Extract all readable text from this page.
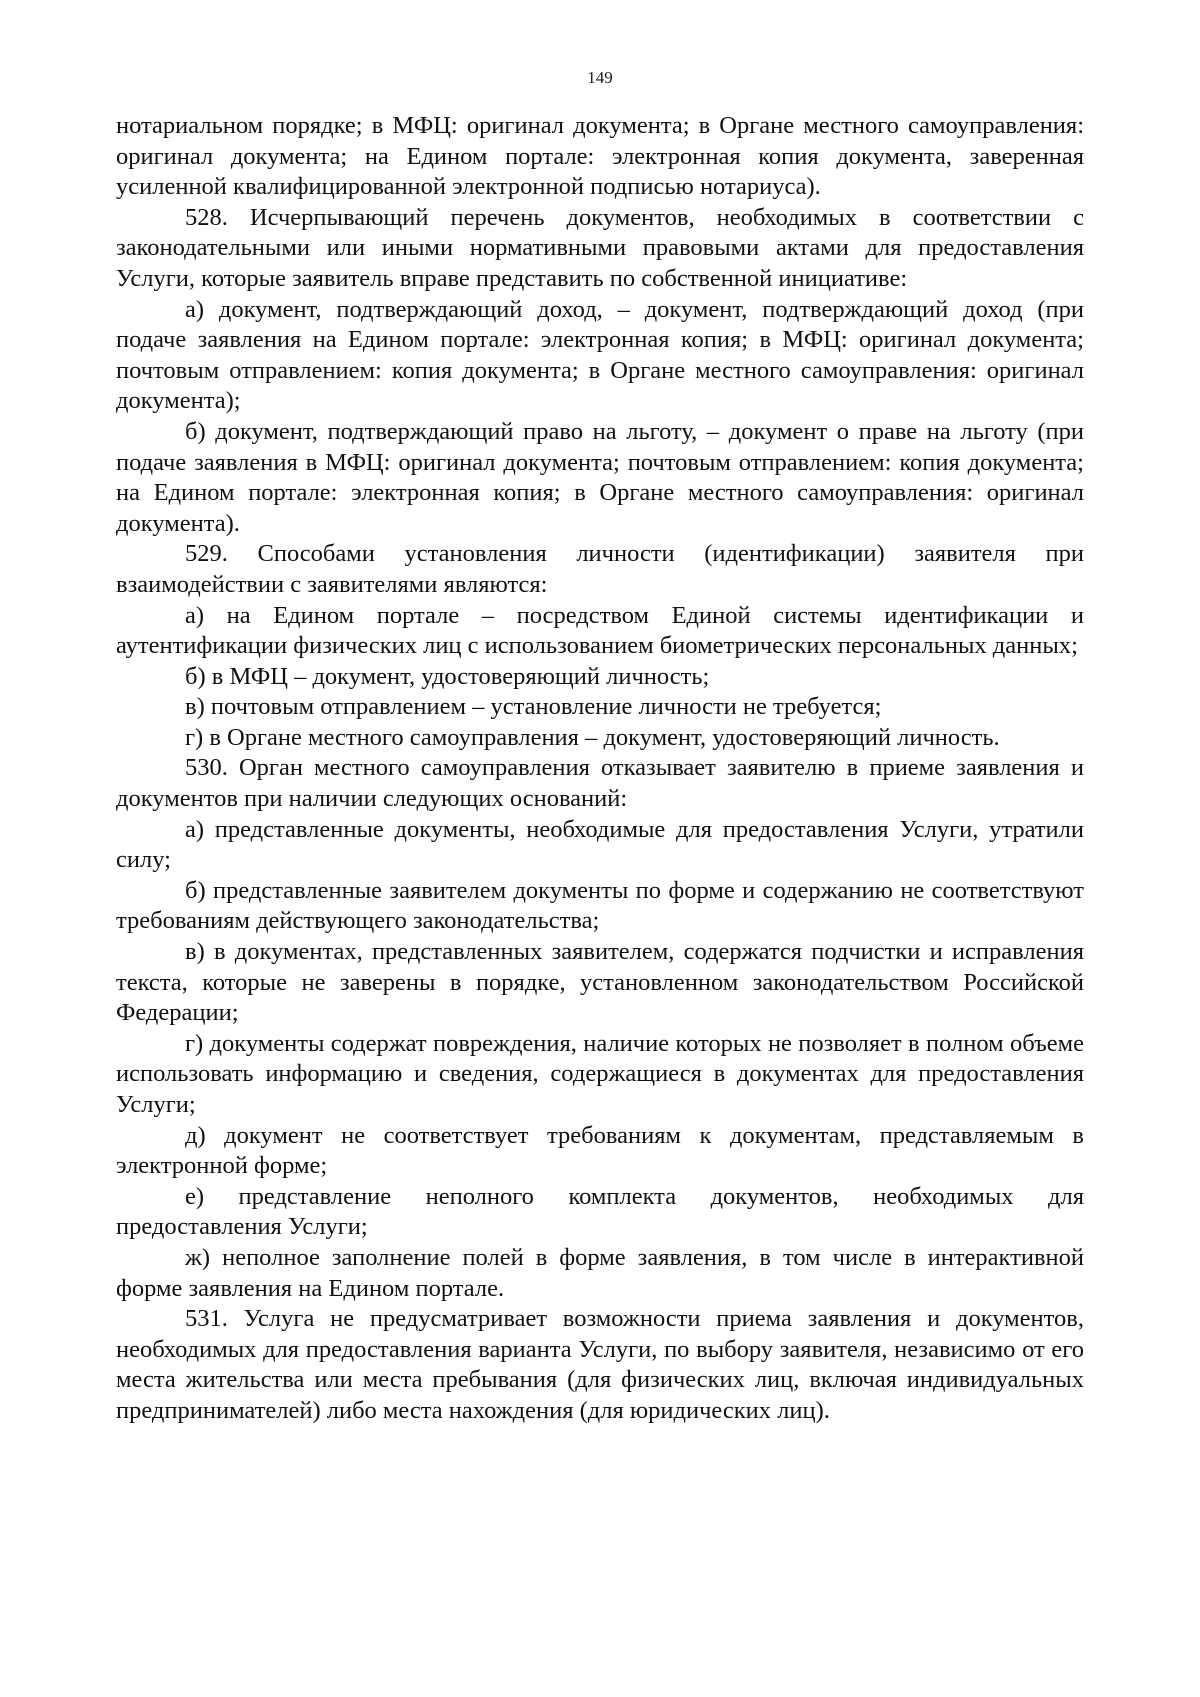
149

нотариальном порядке; в МФЦ: оригинал документа; в Органе местного самоуправления: оригинал документа; на Едином портале: электронная копия документа, заверенная усиленной квалифицированной электронной подписью нотариуса).

528. Исчерпывающий перечень документов, необходимых в соответствии с законодательными или иными нормативными правовыми актами для предоставления Услуги, которые заявитель вправе представить по собственной инициативе:

а) документ, подтверждающий доход, – документ, подтверждающий доход (при подаче заявления на Едином портале: электронная копия; в МФЦ: оригинал документа; почтовым отправлением: копия документа; в Органе местного самоуправления: оригинал документа);

б) документ, подтверждающий право на льготу, – документ о праве на льготу (при подаче заявления в МФЦ: оригинал документа; почтовым отправлением: копия документа; на Едином портале: электронная копия; в Органе местного самоуправления: оригинал документа).

529. Способами установления личности (идентификации) заявителя при взаимодействии с заявителями являются:

а) на Едином портале – посредством Единой системы идентификации и аутентификации физических лиц с использованием биометрических персональных данных;

б) в МФЦ – документ, удостоверяющий личность;

в) почтовым отправлением – установление личности не требуется;

г) в Органе местного самоуправления – документ, удостоверяющий личность.

530. Орган местного самоуправления отказывает заявителю в приеме заявления и документов при наличии следующих оснований:

а) представленные документы, необходимые для предоставления Услуги, утратили силу;

б) представленные заявителем документы по форме и содержанию не соответствуют требованиям действующего законодательства;

в) в документах, представленных заявителем, содержатся подчистки и исправления текста, которые не заверены в порядке, установленном законодательством Российской Федерации;

г) документы содержат повреждения, наличие которых не позволяет в полном объеме использовать информацию и сведения, содержащиеся в документах для предоставления Услуги;

д) документ не соответствует требованиям к документам, представляемым в электронной форме;

е) представление неполного комплекта документов, необходимых для предоставления Услуги;

ж) неполное заполнение полей в форме заявления, в том числе в интерактивной форме заявления на Едином портале.

531. Услуга не предусматривает возможности приема заявления и документов, необходимых для предоставления варианта Услуги, по выбору заявителя, независимо от его места жительства или места пребывания (для физических лиц, включая индивидуальных предпринимателей) либо места нахождения (для юридических лиц).
